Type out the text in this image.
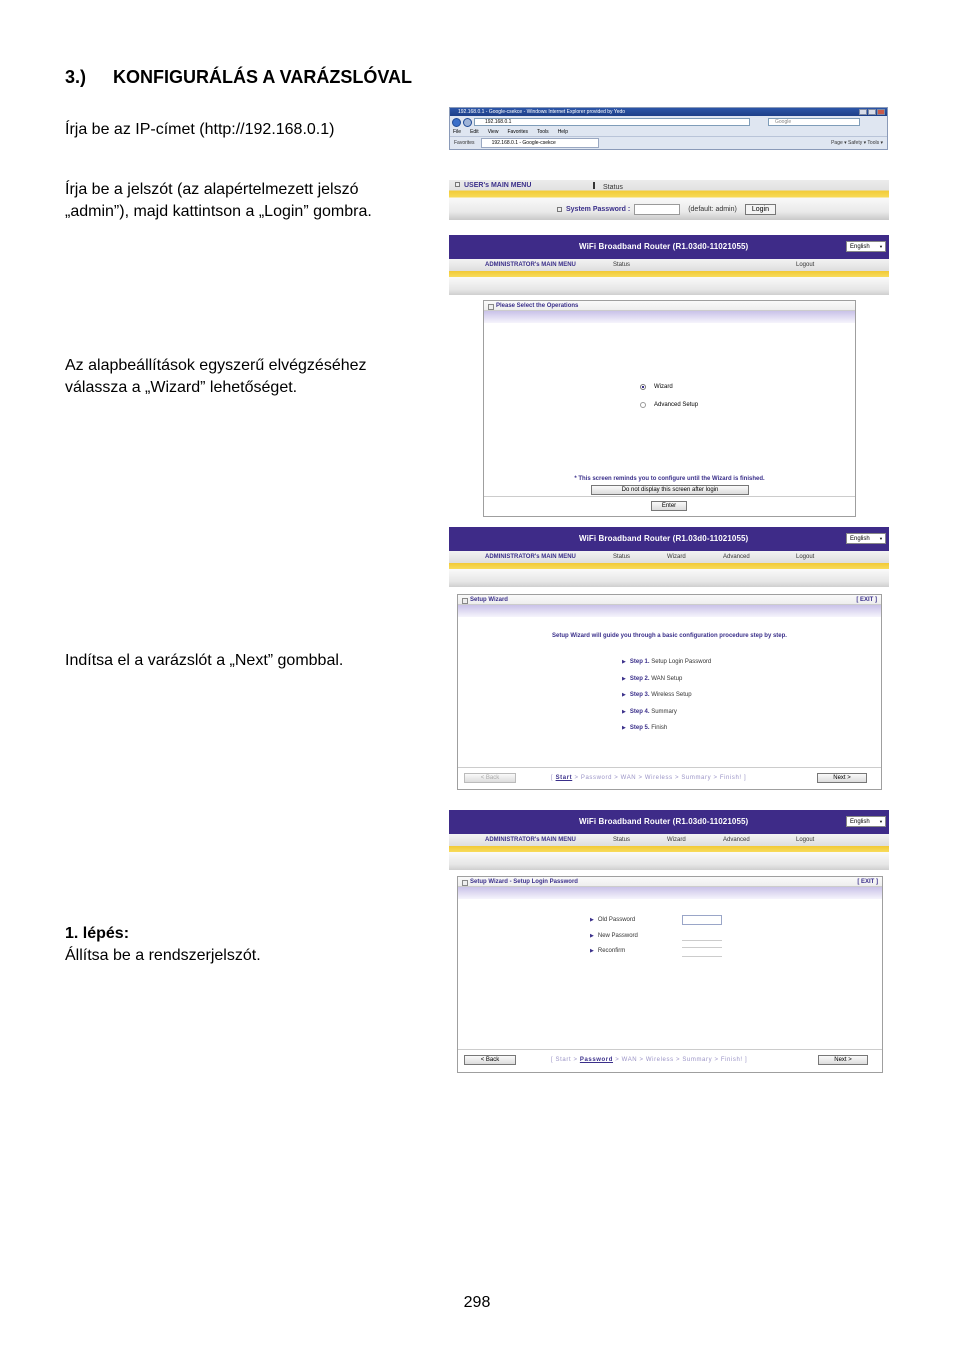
3.) KONFIGURÁLÁS A VARÁZSLÓVAL
Írja be az IP-címet (http://192.168.0.1)
Írja be a jelszót (az alapértelmezett jelszó „admin”), majd kattintson a „Login” gombra.
Az alapbeállítások egyszerű elvégzéséhez válassza a „Wizard” lehetőséget.
Indítsa el a varázslót a „Next” gombbal.
1. lépés:
Állítsa be a rendszerjelszót.
192.168.0.1 - Google-csekce - Windows Internet Explorer provided by Yedo
192.168.0.1	Google
File Edit View Favorites Tools Help
Favorites	192.168.0.1 - Google-csekce	Page ▾ Safety ▾ Tools ▾
USER's MAIN MENU	Status
System Password :	(default: admin)	Login
WiFi Broadband Router (R1.03d0-11021055)	English ▼
ADMINISTRATOR's MAIN MENU	Status	Logout
Please Select the Operations
Wizard
Advanced Setup
* This screen reminds you to configure until the Wizard is finished.
Do not display this screen after login
Enter
WiFi Broadband Router (R1.03d0-11021055)	English ▼
ADMINISTRATOR's MAIN MENU	Status	Wizard	Advanced	Logout
Setup Wizard	[ EXIT ]
Setup Wizard will guide you through a basic configuration procedure step by step.
▶ Step 1. Setup Login Password
▶ Step 2. WAN Setup
▶ Step 3. Wireless Setup
▶ Step 4. Summary
▶ Step 5. Finish
< Back	[ Start > Password > WAN > Wireless > Summary > Finish! ]	Next >
WiFi Broadband Router (R1.03d0-11021055)	English ▼
ADMINISTRATOR's MAIN MENU	Status	Wizard	Advanced	Logout
Setup Wizard - Setup Login Password	[ EXIT ]
▶ Old Password
▶ New Password
▶ Reconfirm
< Back	[ Start > Password > WAN > Wireless > Summary > Finish! ]	Next >
298
